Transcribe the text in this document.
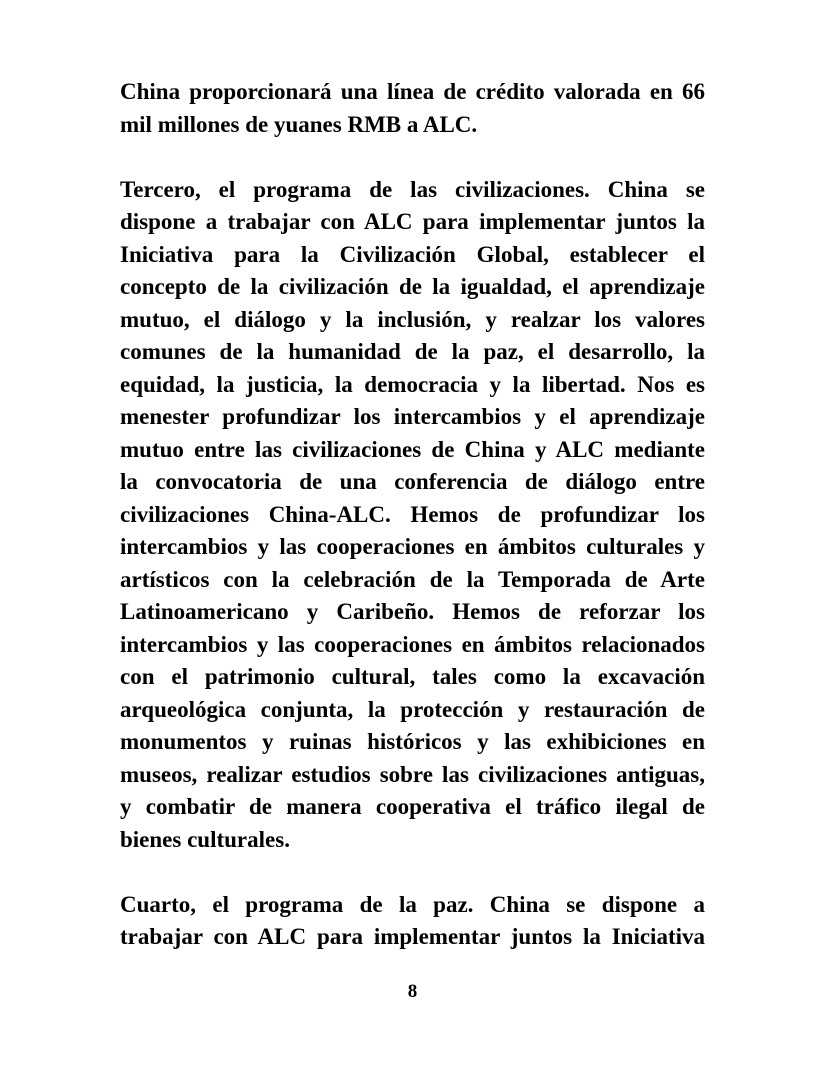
China proporcionará una línea de crédito valorada en 66
mil millones de yuanes RMB a ALC.
Tercero, el programa de las civilizaciones. China se
dispone a trabajar con ALC para implementar juntos la
Iniciativa para la Civilización Global, establecer el
concepto de la civilización de la igualdad, el aprendizaje
mutuo, el diálogo y la inclusión, y realzar los valores
comunes de la humanidad de la paz, el desarrollo, la
equidad, la justicia, la democracia y la libertad. Nos es
menester profundizar los intercambios y el aprendizaje
mutuo entre las civilizaciones de China y ALC mediante
la convocatoria de una conferencia de diálogo entre
civilizaciones China-ALC. Hemos de profundizar los
intercambios y las cooperaciones en ámbitos culturales y
artísticos con la celebración de la Temporada de Arte
Latinoamericano y Caribeño. Hemos de reforzar los
intercambios y las cooperaciones en ámbitos relacionados
con el patrimonio cultural, tales como la excavación
arqueológica conjunta, la protección y restauración de
monumentos y ruinas históricos y las exhibiciones en
museos, realizar estudios sobre las civilizaciones antiguas,
y combatir de manera cooperativa el tráfico ilegal de
bienes culturales.
Cuarto, el programa de la paz. China se dispone a
trabajar con ALC para implementar juntos la Iniciativa
8
